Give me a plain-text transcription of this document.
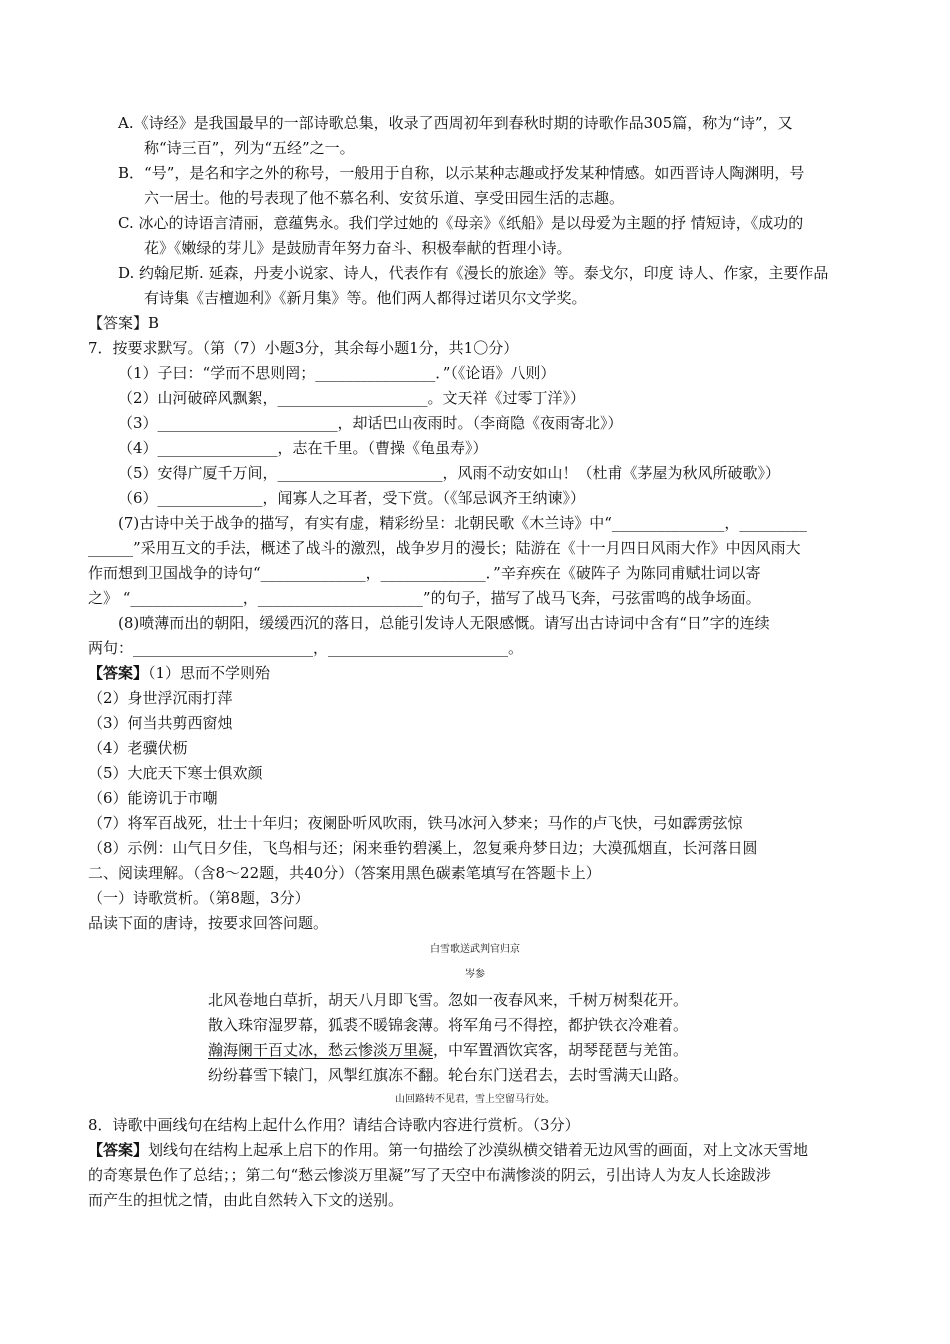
A.《诗经》是我国最早的一部诗歌总集，收录了西周初年到春秋时期的诗歌作品305篇，称为“诗”，又
称“诗三百”，列为“五经”之一。
B．“号”，是名和字之外的称号，一般用于自称，以示某种志趣或抒发某种情感。如西晋诗人陶渊明，号
六一居士。他的号表现了他不慕名利、安贫乐道、享受田园生活的志趣。
C. 冰心的诗语言清丽，意蕴隽永。我们学过她的《母亲》《纸船》是以母爱为主题的抒 情短诗，《成功的
花》《嫩绿的芽儿》是鼓励青年努力奋斗、积极奉献的哲理小诗。
D. 约翰尼斯. 延森，丹麦小说家、诗人，代表作有《漫长的旅途》等。泰戈尔，印度 诗人、作家，主要作品
有诗集《吉檀迦利》《新月集》等。他们两人都得过诺贝尔文学奖。
【答案】B
7．按要求默写。（第（7）小题3分，其余每小题1分，共1〇分）
（1）子曰：“学而不思则罔；________________．”（《论语》八则）
（2）山河破碎风飘絮，____________________。文天祥《过零丁洋》）
（3）________________________，却话巴山夜雨时。（李商隐《夜雨寄北》）
（4）________________，志在千里。（曹操《龟虽寿》）
（5）安得广厦千万间，______________________，风雨不动安如山！（杜甫《茅屋为秋风所破歌》）
（6）______________，闻寡人之耳者，受下赏。（《邹忌讽齐王纳谏》）
(7)古诗中关于战争的描写，有实有虚，精彩纷呈：北朝民歌《木兰诗》中“_______________，_________
______”采用互文的手法，概述了战斗的激烈，战争岁月的漫长；陆游在《十一月四日风雨大作》中因风雨大
作而想到卫国战争的诗句“______________，______________．”辛弃疾在《破阵子 为陈同甫赋壮词以寄
之》 “_______________，______________________”的句子，描写了战马飞奔，弓弦雷鸣的战争场面。
(8)喷薄而出的朝阳，缓缓西沉的落日，总能引发诗人无限感慨。请写出古诗词中含有“日”字的连续
两句：________________________，________________________。
【答案】（1）思而不学则殆
（2）身世浮沉雨打萍
（3）何当共剪西窗烛
（4）老骥伏枥
（5）大庇天下寒士俱欢颜
（6）能谤讥于市嘲
（7）将军百战死，壮士十年归；夜阑卧听风吹雨，铁马冰河入梦来；马作的卢飞快，弓如霹雳弦惊
（8）示例：山气日夕佳，飞鸟相与还；闲来垂钓碧溪上，忽复乘舟梦日边；大漠孤烟直，长河落日圆
二、阅读理解。（含8～22题，共40分）（答案用黑色碳素笔填写在答题卡上）
（一）诗歌赏析。（第8题，3分）
品读下面的唐诗，按要求回答问题。
白雪歌送武判官归京
岑参
北风卷地白草折，胡天八月即飞雪。忽如一夜春风来，千树万树梨花开。
散入珠帘湿罗幕，狐裘不暖锦衾薄。将军角弓不得控，都护铁衣冷难着。
瀚海阑干百丈冰，愁云惨淡万里凝，中军置酒饮宾客，胡琴琵琶与羌笛。
纷纷暮雪下辕门，风掣红旗冻不翻。轮台东门送君去，去时雪满天山路。
山回路转不见君，雪上空留马行处。
8．诗歌中画线句在结构上起什么作用？请结合诗歌内容进行赏析。（3分）
【答案】划线句在结构上起承上启下的作用。第一句描绘了沙漠纵横交错着无边风雪的画面，对上文冰天雪地
的奇寒景色作了总结；；第二句“愁云惨淡万里凝”写了天空中布满惨淡的阴云，引出诗人为友人长途跋涉
而产生的担忧之情，由此自然转入下文的送别。
